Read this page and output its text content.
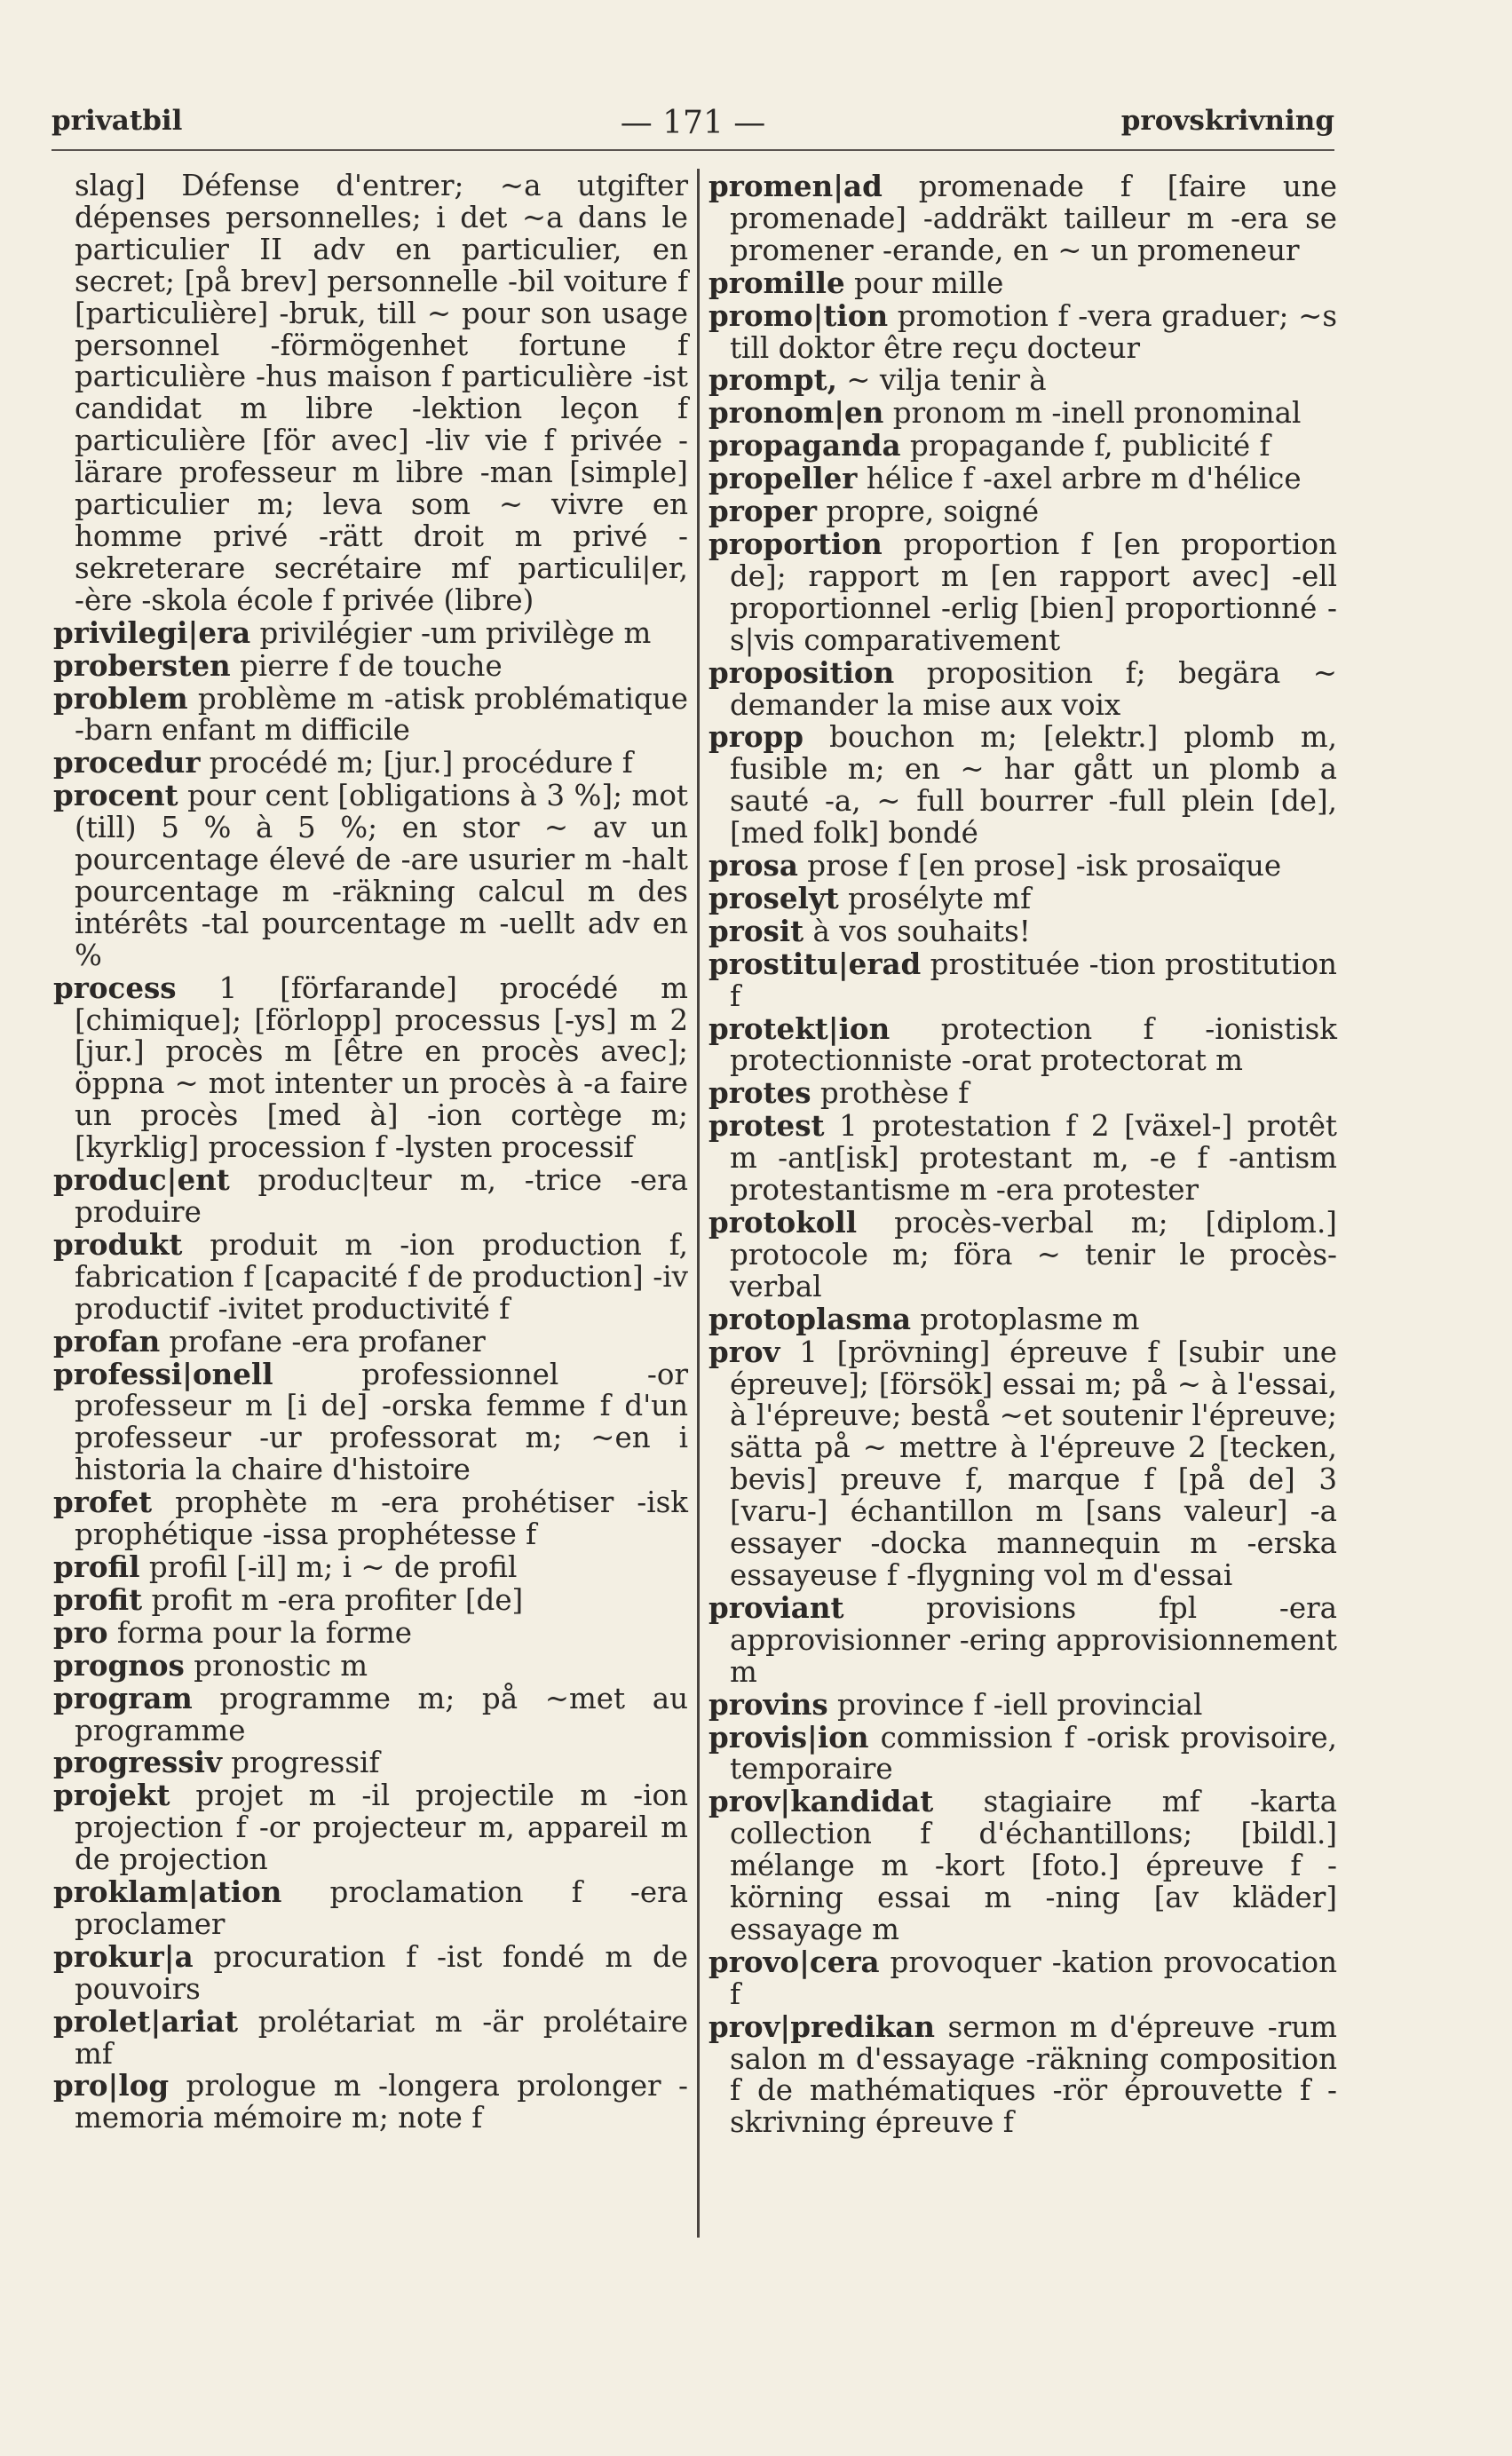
privatbil	— 171 —	provskrivning

slag] Défense d'entrer; ~a utgifter dépenses personnelles; i det ~a dans le particulier II adv en particulier, en secret; [på brev] personnelle -bil voiture f [particulière] -bruk, till ~ pour son usage personnel -förmögenhet fortune f particulière -hus maison f particulière -ist candidat m libre -lektion leçon f particulière [för avec] -liv vie f privée -lärare professeur m libre -man [simple] particulier m; leva som ~ vivre en homme privé -rätt droit m privé -sekreterare secrétaire mf particuli|er, -ère -skola école f privée (libre)

privilegi|era privilégier -um privilège m

probersten pierre f de touche

problem problème m -atisk problématique -barn enfant m difficile

procedur procédé m; [jur.] procédure f

procent pour cent [obligations à 3 %]; mot (till) 5 % à 5 %; en stor ~ av un pourcentage élevé de -are usurier m -halt pourcentage m -räkning calcul m des intérêts -tal pourcentage m -uellt adv en %

process 1 [förfarande] procédé m [chimique]; [förlopp] processus [-ys] m 2 [jur.] procès m [être en procès avec]; öppna ~ mot intenter un procès à -a faire un procès [med à] -ion cortège m; [kyrklig] procession f -lysten processif

produc|ent produc|teur m, -trice -era produire

produkt produit m -ion production f, fabrication f [capacité f de production] -iv productif -ivitet productivité f

profan profane -era profaner

professi|onell professionnel -or professeur m [i de] -orska femme f d'un professeur -ur professorat m; ~en i historia la chaire d'histoire

profet prophète m -era prohétiser -isk prophétique -issa prophétesse f

profil profil [-il] m; i ~ de profil

profit profit m -era profiter [de]

pro forma pour la forme

prognos pronostic m

program programme m; på ~met au programme

progressiv progressif

projekt projet m -il projectile m -ion projection f -or projecteur m, appareil m de projection

proklam|ation proclamation f -era proclamer

prokur|a procuration f -ist fondé m de pouvoirs

prolet|ariat prolétariat m -är prolétaire mf

pro|log prologue m -longera prolonger -memoria mémoire m; note f

promen|ad promenade f [faire une promenade] -addräkt tailleur m -era se promener -erande, en ~ un promeneur

promille pour mille

promo|tion promotion f -vera graduer; ~s till doktor être reçu docteur

prompt, ~ vilja tenir à

pronom|en pronom m -inell pronominal

propaganda propagande f, publicité f

propeller hélice f -axel arbre m d'hélice

proper propre, soigné

proportion proportion f [en proportion de]; rapport m [en rapport avec] -ell proportionnel -erlig [bien] proportionné -s|vis comparativement

proposition proposition f; begära ~ demander la mise aux voix

propp bouchon m; [elektr.] plomb m, fusible m; en ~ har gått un plomb a sauté -a, ~ full bourrer -full plein [de], [med folk] bondé

prosa prose f [en prose] -isk prosaïque

proselyt prosélyte mf

prosit à vos souhaits!

prostitu|erad prostituée -tion prostitution f

protekt|ion protection f -ionistisk protectionniste -orat protectorat m

protes prothèse f

protest 1 protestation f 2 [växel-] protêt m -ant[isk] protestant m, -e f -antism protestantisme m -era protester

protokoll procès-verbal m; [diplom.] protocole m; föra ~ tenir le procès-verbal

protoplasma protoplasme m

prov 1 [prövning] épreuve f [subir une épreuve]; [försök] essai m; på ~ à l'essai, à l'épreuve; bestå ~et soutenir l'épreuve; sätta på ~ mettre à l'épreuve 2 [tecken, bevis] preuve f, marque f [på de] 3 [varu-] échantillon m [sans valeur] -a essayer -docka mannequin m -erska essayeuse f -flygning vol m d'essai

proviant provisions fpl -era approvisionner -ering approvisionnement m

provins province f -iell provincial

provis|ion commission f -orisk provisoire, temporaire

prov|kandidat stagiaire mf -karta collection f d'échantillons; [bildl.] mélange m -kort [foto.] épreuve f -körning essai m -ning [av kläder] essayage m

provo|cera provoquer -kation provocation f

prov|predikan sermon m d'épreuve -rum salon m d'essayage -räkning composition f de mathématiques -rör éprouvette f -skrivning épreuve f
